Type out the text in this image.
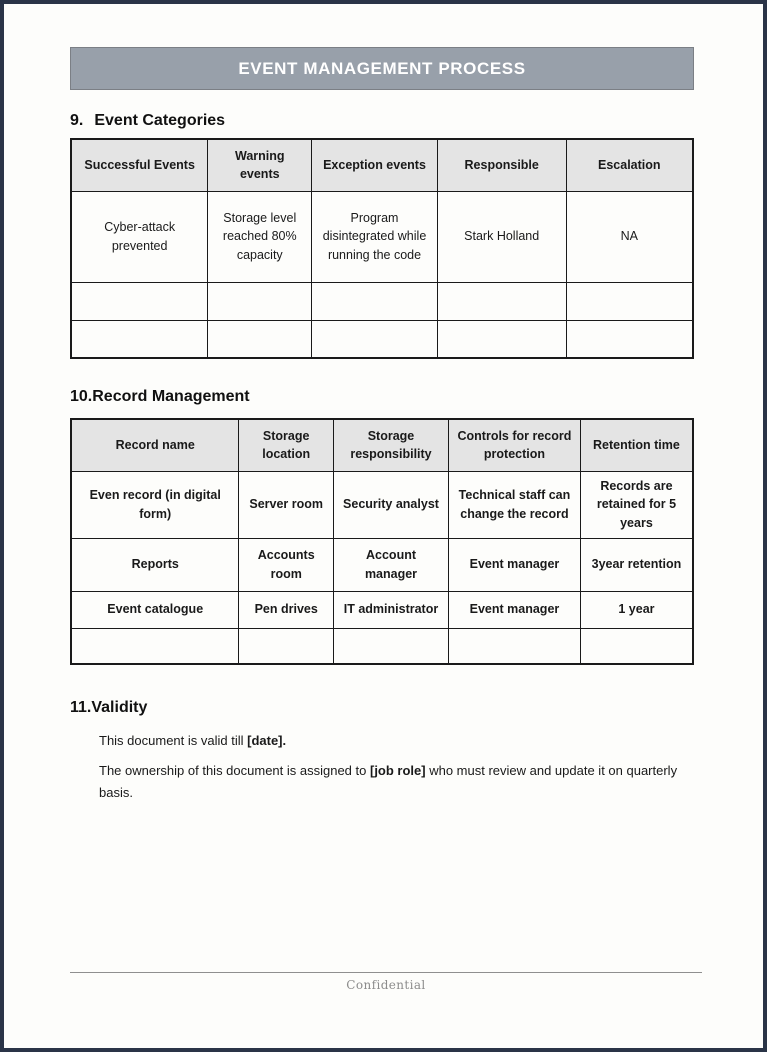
EVENT MANAGEMENT PROCESS
9. Event Categories
Successful Events	Warning events	Exception events	Responsible	Escalation
Cyber-attack prevented	Storage level reached 80% capacity	Program disintegrated while running the code	Stark Holland	NA

10.Record Management
Record name	Storage location	Storage responsibility	Controls for record protection	Retention time
Even record (in digital form)	Server room	Security analyst	Technical staff can change the record	Records are retained for 5 years
Reports	Accounts room	Account manager	Event manager	3year retention
Event catalogue	Pen drives	IT administrator	Event manager	1 year

11.Validity
This document is valid till [date].
The ownership of this document is assigned to [job role] who must review and update it on quarterly basis.
Confidential
